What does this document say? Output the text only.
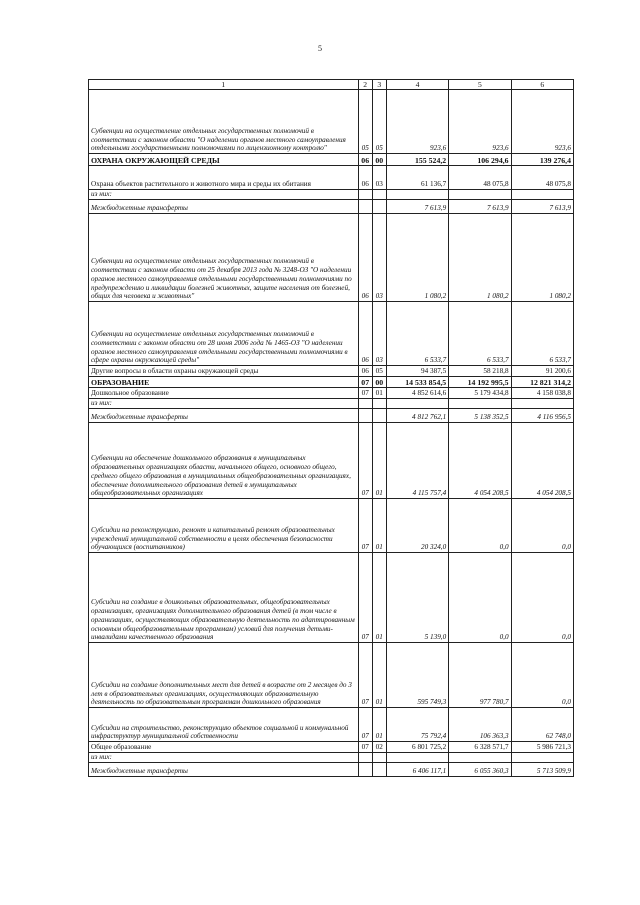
5
1	2	3	4	5	6
Субвенции на осуществление отдельных государственных полномочий в соответствии с законом области "О наделении органов местного самоуправления отдельными государственными полномочиями по лицензионному контролю"	05	05	923,6	923,6	923,6
ОХРАНА ОКРУЖАЮЩЕЙ СРЕДЫ	06	00	155 524,2	106 294,6	139 276,4
Охрана объектов растительного и животного мира и среды их обитания	06	03	61 136,7	48 075,8	48 075,8
из них:					
Межбюджетные трансферты			7 613,9	7 613,9	7 613,9
Субвенции на осуществление отдельных государственных полномочий в соответствии с законом области от 25 декабря 2013 года № 3248-ОЗ "О наделении органов местного самоуправления отдельными государственными полномочиями по предупреждению и ликвидации болезней животных, защите населения от болезней, общих для человека и животных"	06	03	1 080,2	1 080,2	1 080,2
Субвенции на осуществление отдельных государственных полномочий в соответствии с законом области от 28 июня 2006 года № 1465-ОЗ "О наделении органов местного самоуправления отдельными государственными полномочиями в сфере охраны окружающей среды"	06	03	6 533,7	6 533,7	6 533,7
Другие вопросы в области охраны окружающей среды	06	05	94 387,5	58 218,8	91 200,6
ОБРАЗОВАНИЕ	07	00	14 533 854,5	14 192 995,5	12 821 314,2
Дошкольное образование	07	01	4 852 614,6	5 179 434,8	4 158 038,8
из них:					
Межбюджетные трансферты			4 812 762,1	5 138 352,5	4 116 956,5
Субвенции на обеспечение дошкольного образования в муниципальных образовательных организациях области, начального общего, основного общего, среднего общего образования в муниципальных общеобразовательных организациях, обеспечение дополнительного образования детей в муниципальных общеобразовательных организациях	07	01	4 115 757,4	4 054 208,5	4 054 208,5
Субсидии на реконструкцию, ремонт и капитальный ремонт образовательных учреждений муниципальной собственности в целях обеспечения безопасности обучающихся (воспитанников)	07	01	20 324,0	0,0	0,0
Субсидии на создание в дошкольных образовательных, общеобразовательных организациях, организациях дополнительного образования детей (в том числе в организациях, осуществляющих образовательную деятельность по адаптированным основным общеобразовательным программам) условий для получения детьми-инвалидами качественного образования	07	01	5 139,0	0,0	0,0
Субсидии на создание дополнительных мест для детей в возрасте от 2 месяцев до 3 лет в образовательных организациях, осуществляющих образовательную деятельность по образовательным программам дошкольного образования	07	01	595 749,3	977 780,7	0,0
Субсидии на строительство, реконструкцию объектов социальной и коммунальной инфраструктур муниципальной собственности	07	01	75 792,4	106 363,3	62 748,0
Общее образование	07	02	6 801 725,2	6 328 571,7	5 986 721,3
из них:					
Межбюджетные трансферты			6 406 117,1	6 055 360,3	5 713 509,9
